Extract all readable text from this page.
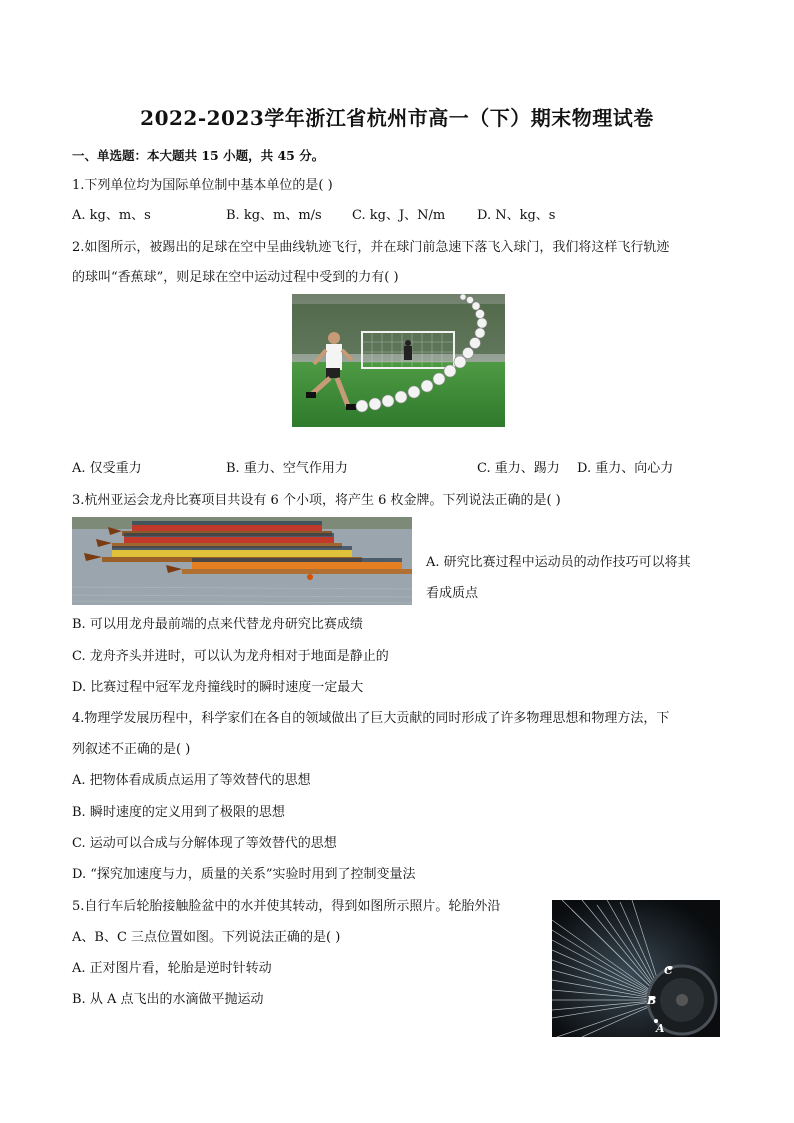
2022-2023学年浙江省杭州市高一（下）期末物理试卷
一、单选题：本大题共 15 小题，共 45 分。
1.下列单位均为国际单位制中基本单位的是( )
A. kg、m、s	B. kg、m、m/s C. kg、J、N/m D. N、kg、s
2.如图所示，被踢出的足球在空中呈曲线轨迹飞行，并在球门前急速下落飞入球门，我们将这样飞行轨迹
的球叫“香蕉球”，则足球在空中运动过程中受到的力有( )
A. 仅受重力	B. 重力、空气作用力	C. 重力、踢力 D. 重力、向心力
3.杭州亚运会龙舟比赛项目共设有 6 个小项，将产生 6 枚金牌。下列说法正确的是( )
A. 研究比赛过程中运动员的动作技巧可以将其
看成质点
B. 可以用龙舟最前端的点来代替龙舟研究比赛成绩
C. 龙舟齐头并进时，可以认为龙舟相对于地面是静止的
D. 比赛过程中冠军龙舟撞线时的瞬时速度一定最大
4.物理学发展历程中，科学家们在各自的领域做出了巨大贡献的同时形成了许多物理思想和物理方法，下
列叙述不正确的是( )
A. 把物体看成质点运用了等效替代的思想
B. 瞬时速度的定义用到了极限的思想
C. 运动可以合成与分解体现了等效替代的思想
D. “探究加速度与力，质量的关系”实验时用到了控制变量法
5.自行车后轮胎接触脸盆中的水并使其转动，得到如图所示照片。轮胎外沿
A、B、C 三点位置如图。下列说法正确的是( )
A. 正对图片看，轮胎是逆时针转动
B. 从 A 点飞出的水滴做平抛运动
C
B
A
